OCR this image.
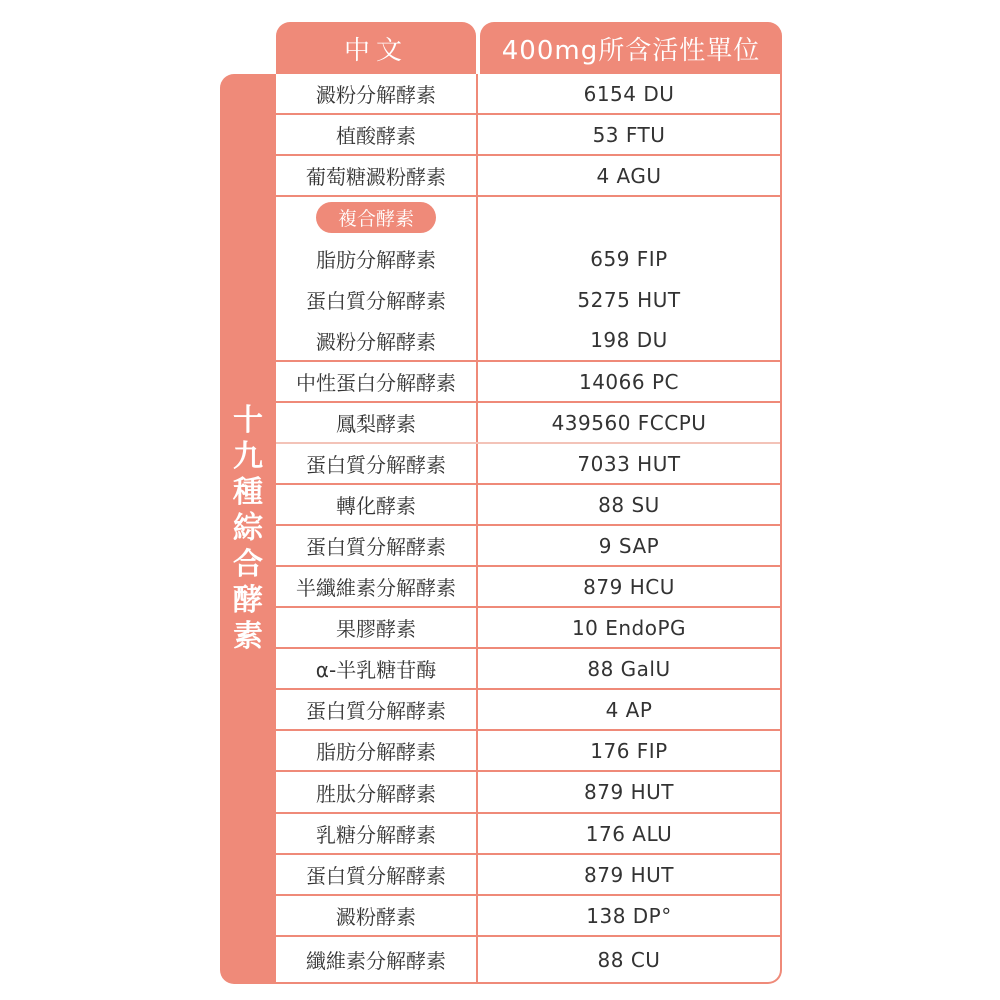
中文	400mg所含活性單位
十
九
種
綜
合
酵
素
澱粉分解酵素	6154 DU
植酸酵素	53 FTU
葡萄糖澱粉酵素	4 AGU
複合酵素
脂肪分解酵素	659 FIP
蛋白質分解酵素	5275 HUT
澱粉分解酵素	198 DU
中性蛋白分解酵素	14066 PC
鳳梨酵素	439560 FCCPU
蛋白質分解酵素	7033 HUT
轉化酵素	88 SU
蛋白質分解酵素	9 SAP
半纖維素分解酵素	879 HCU
果膠酵素	10 EndoPG
α-半乳糖苷酶	88 GalU
蛋白質分解酵素	4 AP
脂肪分解酵素	176 FIP
胜肽分解酵素	879 HUT
乳糖分解酵素	176 ALU
蛋白質分解酵素	879 HUT
澱粉酵素	138 DP°
纖維素分解酵素	88 CU
